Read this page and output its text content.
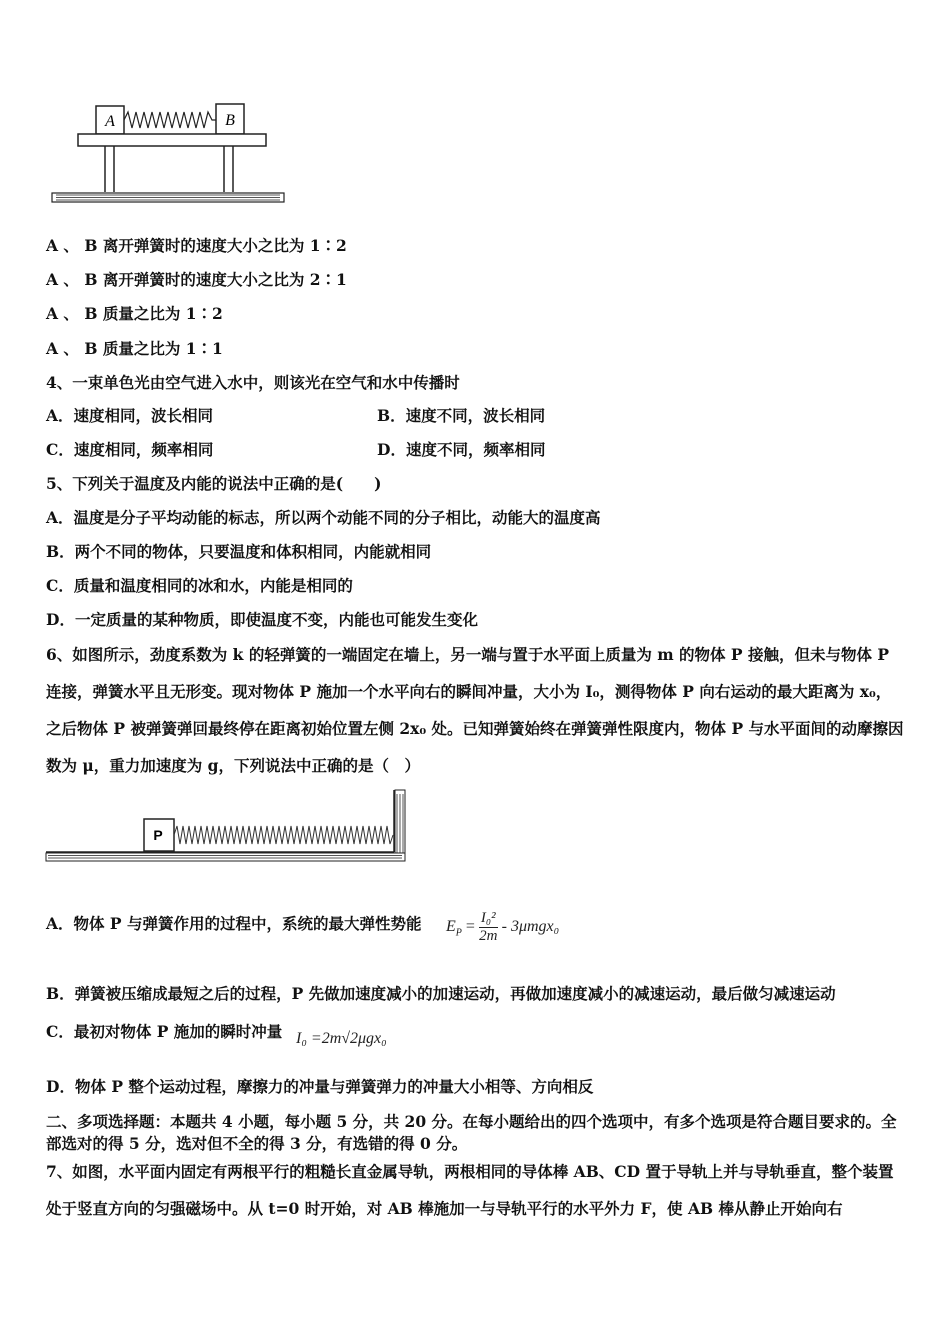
A	B
A 、 B 离开弹簧时的速度大小之比为 1∶2
A 、 B 离开弹簧时的速度大小之比为 2∶1
A 、 B 质量之比为 1∶2
A 、 B 质量之比为 1∶1
4、一束单色光由空气进入水中，则该光在空气和水中传播时
A．速度相同，波长相同	B．速度不同，波长相同
C．速度相同，频率相同	D．速度不同，频率相同
5、下列关于温度及内能的说法中正确的是(　　)
A．温度是分子平均动能的标志，所以两个动能不同的分子相比，动能大的温度高
B．两个不同的物体，只要温度和体积相同，内能就相同
C．质量和温度相同的冰和水，内能是相同的
D．一定质量的某种物质，即使温度不变，内能也可能发生变化
6、如图所示，劲度系数为 k 的轻弹簧的一端固定在墙上，另一端与置于水平面上质量为 m 的物体 P 接触，但未与物体 P 连接，弹簧水平且无形变。现对物体 P 施加一个水平向右的瞬间冲量，大小为 I₀，测得物体 P 向右运动的最大距离为 x₀，之后物体 P 被弹簧弹回最终停在距离初始位置左侧 2x₀ 处。已知弹簧始终在弹簧弹性限度内，物体 P 与水平面间的动摩擦因数为 μ，重力加速度为 g，下列说法中正确的是（　）
P
A．物体 P 与弹簧作用的过程中，系统的最大弹性势能 $E_P = \frac{\text{I₀²}}{2m} - 3\mu mgx_0$
B．弹簧被压缩成最短之后的过程，P 先做加速度减小的加速运动，再做加速度减小的减速运动，最后做匀减速运动
C．最初对物体 P 施加的瞬时冲量 I₀ =2m√2μgx₀
D．物体 P 整个运动过程，摩擦力的冲量与弹簧弹力的冲量大小相等、方向相反
二、多项选择题：本题共 4 小题，每小题 5 分，共 20 分。在每小题给出的四个选项中，有多个选项是符合题目要求的。全部选对的得 5 分，选对但不全的得 3 分，有选错的得 0 分。
7、如图，水平面内固定有两根平行的粗糙长直金属导轨，两根相同的导体棒 AB、CD 置于导轨上并与导轨垂直，整个装置处于竖直方向的匀强磁场中。从 t=0 时开始，对 AB 棒施加一与导轨平行的水平外力 F，使 AB 棒从静止开始向右
